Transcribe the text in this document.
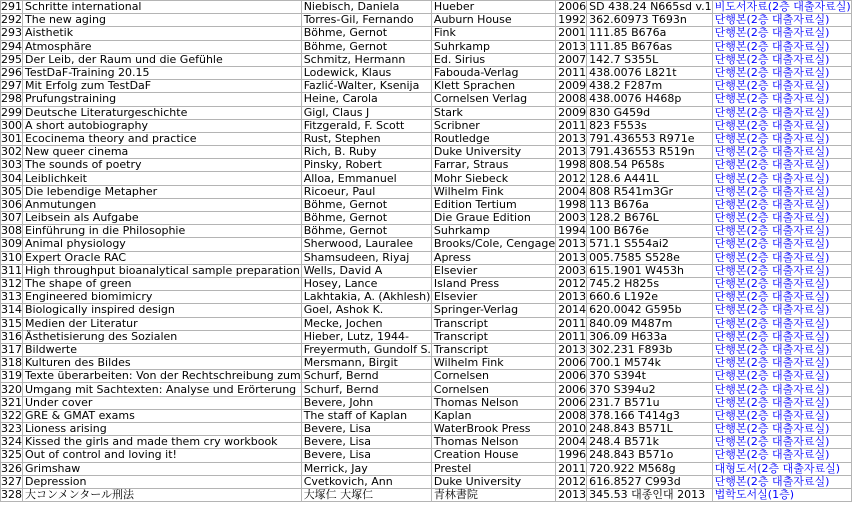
291	Schritte international	Niebisch, Daniela	Hueber	2006	SD 438.24 N665sd v.1	비도서자료(2층 대출자료실)
292	The new aging	Torres-Gil, Fernando	Auburn House	1992	362.60973 T693n	단행본(2층 대출자료실)
293	Aisthetik	Böhme, Gernot	Fink	2001	111.85 B676a	단행본(2층 대출자료실)
294	Atmosphäre	Böhme, Gernot	Suhrkamp	2013	111.85 B676as	단행본(2층 대출자료실)
295	Der Leib, der Raum und die Gefühle	Schmitz, Hermann	Ed. Sirius	2007	142.7 S355L	단행본(2층 대출자료실)
296	TestDaF-Training 20.15	Lodewick, Klaus	Fabouda-Verlag	2011	438.0076 L821t	단행본(2층 대출자료실)
297	Mit Erfolg zum TestDaF	Fazlić-Walter, Ksenija	Klett Sprachen	2009	438.2 F287m	단행본(2층 대출자료실)
298	Prufungstraining	Heine, Carola	Cornelsen Verlag	2008	438.0076 H468p	단행본(2층 대출자료실)
299	Deutsche Literaturgeschichte	Gigl, Claus J	Stark	2009	830 G459d	단행본(2층 대출자료실)
300	A short autobiography	Fitzgerald, F. Scott	Scribner	2011	823 F553s	단행본(2층 대출자료실)
301	Ecocinema theory and practice	Rust, Stephen	Routledge	2013	791.436553 R971e	단행본(2층 대출자료실)
302	New queer cinema	Rich, B. Ruby	Duke University	2013	791.436553 R519n	단행본(2층 대출자료실)
303	The sounds of poetry	Pinsky, Robert	Farrar, Straus	1998	808.54 P658s	단행본(2층 대출자료실)
304	Leiblichkeit	Alloa, Emmanuel	Mohr Siebeck	2012	128.6 A441L	단행본(2층 대출자료실)
305	Die lebendige Metapher	Ricoeur, Paul	Wilhelm Fink	2004	808 R541m3Gr	단행본(2층 대출자료실)
306	Anmutungen	Böhme, Gernot	Edition Tertium	1998	113 B676a	단행본(2층 대출자료실)
307	Leibsein als Aufgabe	Böhme, Gernot	Die Graue Edition	2003	128.2 B676L	단행본(2층 대출자료실)
308	Einführung in die Philosophie	Böhme, Gernot	Suhrkamp	1994	100 B676e	단행본(2층 대출자료실)
309	Animal physiology	Sherwood, Lauralee	Brooks/Cole, Cengage	2013	571.1 S554ai2	단행본(2층 대출자료실)
310	Expert Oracle RAC	Shamsudeen, Riyaj	Apress	2013	005.7585 S528e	단행본(2층 대출자료실)
311	High throughput bioanalytical sample preparation	Wells, David A	Elsevier	2003	615.1901 W453h	단행본(2층 대출자료실)
312	The shape of green	Hosey, Lance	Island Press	2012	745.2 H825s	단행본(2층 대출자료실)
313	Engineered biomimicry	Lakhtakia, A. (Akhlesh)	Elsevier	2013	660.6 L192e	단행본(2층 대출자료실)
314	Biologically inspired design	Goel, Ashok K.	Springer-Verlag	2014	620.0042 G595b	단행본(2층 대출자료실)
315	Medien der Literatur	Mecke, Jochen	Transcript	2011	840.09 M487m	단행본(2층 대출자료실)
316	Ästhetisierung des Sozialen	Hieber, Lutz, 1944-	Transcript	2011	306.09 H633a	단행본(2층 대출자료실)
317	Bildwerte	Freyermuth, Gundolf S.	Transcript	2013	302.231 F893b	단행본(2층 대출자료실)
318	Kulturen des Bildes	Mersmann, Birgit	Wilhelm Fink	2006	700.1 M574k	단행본(2층 대출자료실)
319	Texte überarbeiten: Von der Rechtschreibung zum	Schurf, Bernd	Cornelsen	2006	370 S394t	단행본(2층 대출자료실)
320	Umgang mit Sachtexten: Analyse und Erörterung	Schurf, Bernd	Cornelsen	2006	370 S394u2	단행본(2층 대출자료실)
321	Under cover	Bevere, John	Thomas Nelson	2006	231.7 B571u	단행본(2층 대출자료실)
322	GRE & GMAT exams	The staff of Kaplan	Kaplan	2008	378.166 T414g3	단행본(2층 대출자료실)
323	Lioness arising	Bevere, Lisa	WaterBrook Press	2010	248.843 B571L	단행본(2층 대출자료실)
324	Kissed the girls and made them cry workbook	Bevere, Lisa	Thomas Nelson	2004	248.4 B571k	단행본(2층 대출자료실)
325	Out of control and loving it!	Bevere, Lisa	Creation House	1996	248.843 B571o	단행본(2층 대출자료실)
326	Grimshaw	Merrick, Jay	Prestel	2011	720.922 M568g	대형도서(2층 대출자료실)
327	Depression	Cvetkovich, Ann	Duke University	2012	616.8527 C993d	단행본(2층 대출자료실)
328	大コンメンタール刑法	大塚仁 大塚仁	青林書院	2013	345.53 대종인대 2013	법학도서실(1층)
